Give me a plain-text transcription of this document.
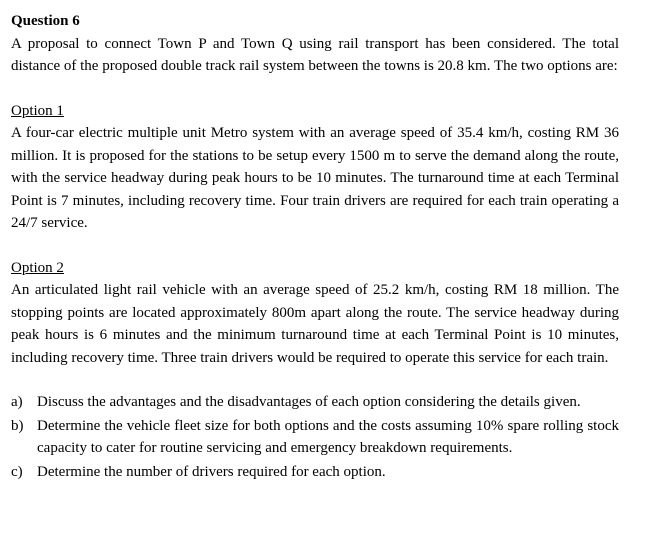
Question 6

A proposal to connect Town P and Town Q using rail transport has been considered. The total distance of the proposed double track rail system between the towns is 20.8 km. The two options are:

Option 1

A four-car electric multiple unit Metro system with an average speed of 35.4 km/h, costing RM 36 million. It is proposed for the stations to be setup every 1500 m to serve the demand along the route, with the service headway during peak hours to be 10 minutes. The turnaround time at each Terminal Point is 7 minutes, including recovery time. Four train drivers are required for each train operating a 24/7 service.

Option 2

An articulated light rail vehicle with an average speed of 25.2 km/h, costing RM 18 million. The stopping points are located approximately 800m apart along the route. The service headway during peak hours is 6 minutes and the minimum turnaround time at each Terminal Point is 10 minutes, including recovery time. Three train drivers would be required to operate this service for each train.

a) Discuss the advantages and the disadvantages of each option considering the details given.
b) Determine the vehicle fleet size for both options and the costs assuming 10% spare rolling stock capacity to cater for routine servicing and emergency breakdown requirements.
c) Determine the number of drivers required for each option.
